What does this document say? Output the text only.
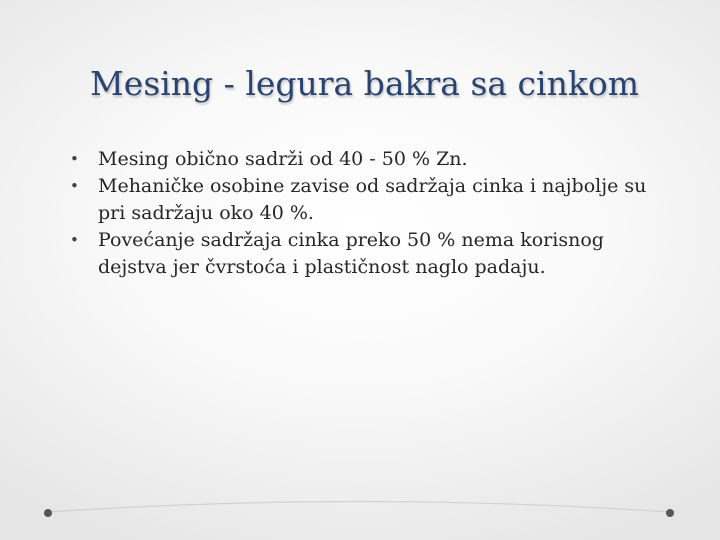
Mesing - legura bakra sa cinkom
• Mesing obično sadrži od 40 - 50 % Zn.
• Mehaničke osobine zavise od sadržaja cinka i najbolje su pri sadržaju oko 40 %.
• Povećanje sadržaja cinka preko 50 % nema korisnog dejstva jer čvrstoća i plastičnost naglo padaju.
